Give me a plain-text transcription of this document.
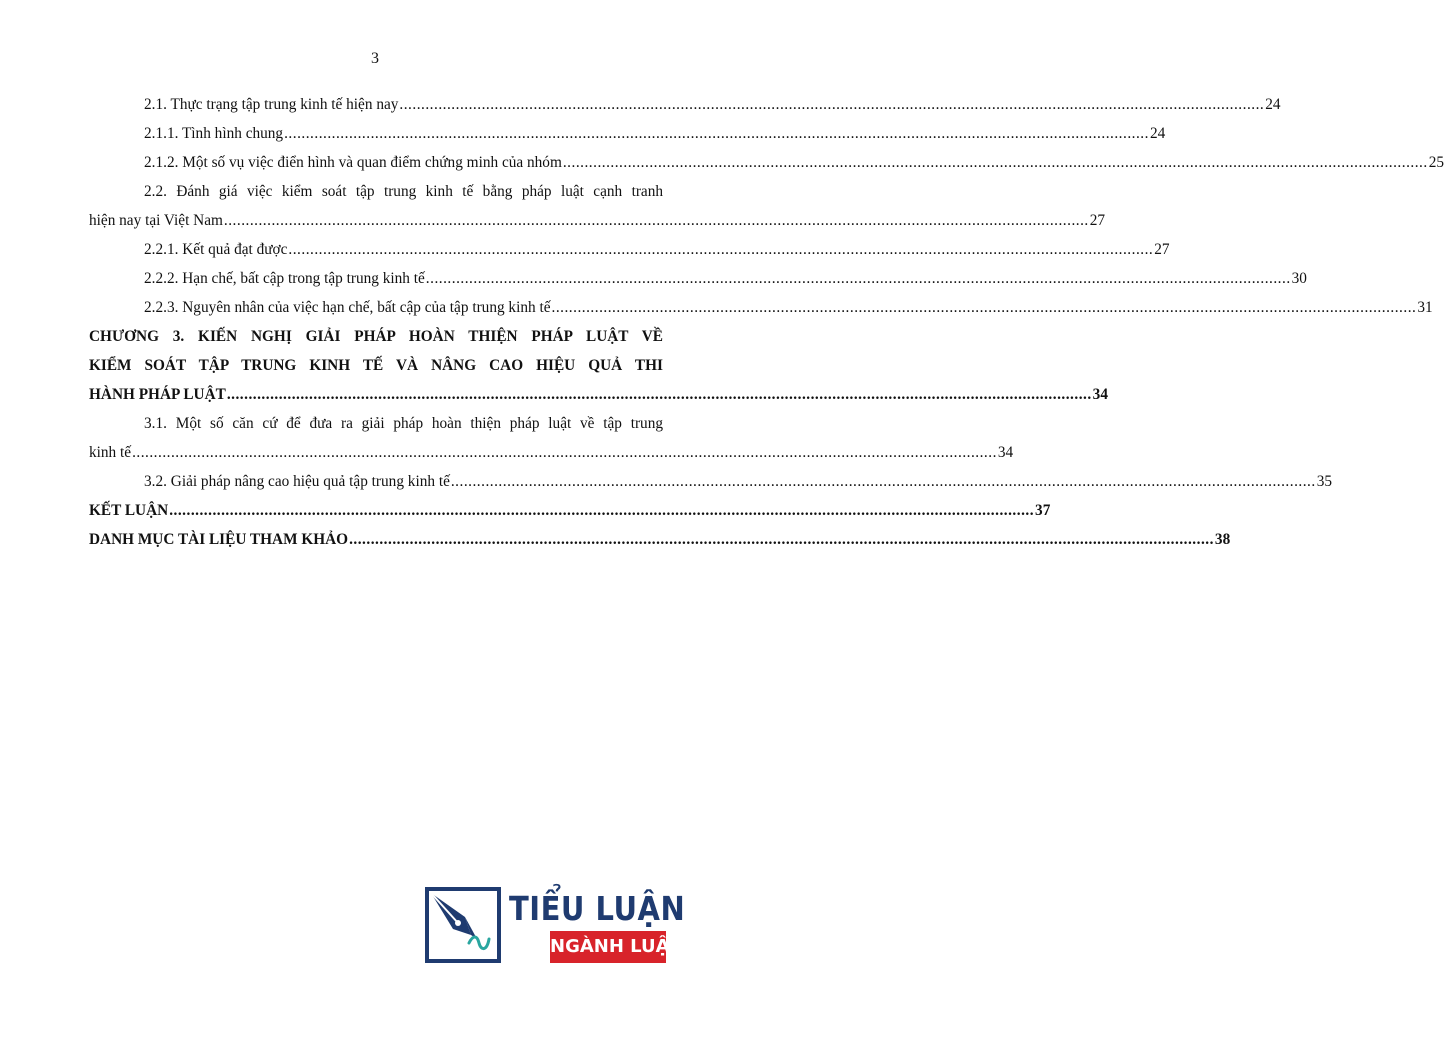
3
2.1. Thực trạng tập trung kinh tế hiện nay ........................................................................................................................................................................................................ 24
2.1.1. Tình hình chung ........................................................................................................................................................................................................ 24
2.1.2. Một số vụ việc điển hình và quan điểm chứng minh của nhóm ........................................................................................................................................................................................................ 25
2.2. Đánh giá việc kiểm soát tập trung kinh tế bằng pháp luật cạnh tranh
hiện nay tại Việt Nam ........................................................................................................................................................................................................ 27
2.2.1. Kết quả đạt được ........................................................................................................................................................................................................ 27
2.2.2. Hạn chế, bất cập trong tập trung kinh tế ........................................................................................................................................................................................................ 30
2.2.3. Nguyên nhân của việc hạn chế, bất cập của tập trung kinh tế ........................................................................................................................................................................................................ 31
CHƯƠNG 3. KIẾN NGHỊ GIẢI PHÁP HOÀN THIỆN PHÁP LUẬT VỀ
KIỂM SOÁT TẬP TRUNG KINH TẾ VÀ NÂNG CAO HIỆU QUẢ THI
HÀNH PHÁP LUẬT ........................................................................................................................................................................................................ 34
3.1. Một số căn cứ để đưa ra giải pháp hoàn thiện pháp luật về tập trung
kinh tế ........................................................................................................................................................................................................ 34
3.2. Giải pháp nâng cao hiệu quả tập trung kinh tế ........................................................................................................................................................................................................ 35
KẾT LUẬN ........................................................................................................................................................................................................ 37
DANH MỤC TÀI LIỆU THAM KHẢO ........................................................................................................................................................................................................ 38
TIỂU LUẬN
NGÀNH LUẬT
